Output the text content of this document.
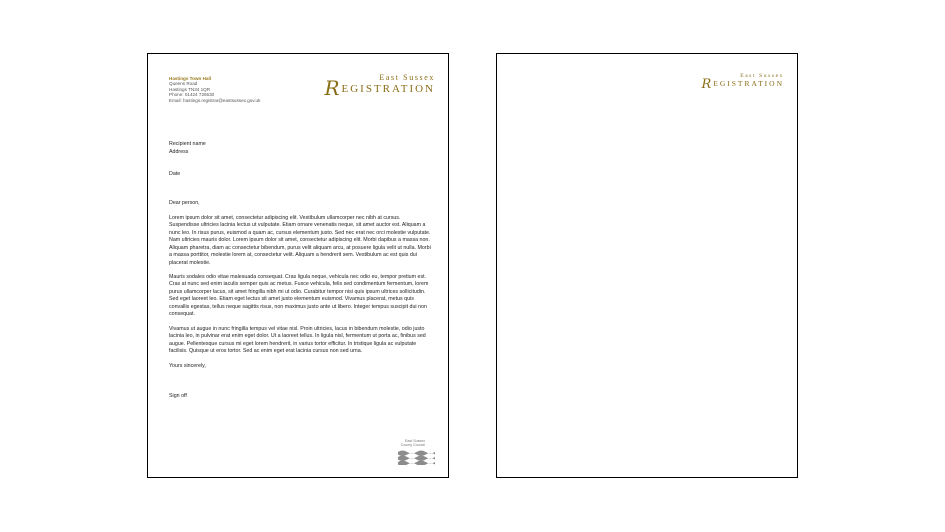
Hastings Town Hall
Queens Road
Hastings TN34 1QR
Phone: 01424 726530
Email: hastings.registrar@eastsussex.gov.uk
East Sussex
REGISTRATION
Recipient name
Address
Date
Dear person,
Lorem ipsum dolor sit amet, consectetur adipiscing elit. Vestibulum ullamcorper nec nibh at cursus. Suspendisse ultricies lacinia lectus ut vulputate. Etiam ornare venenatis neque, sit amet auctor est. Aliquam a nunc leo. In risus purus, euismod a quam ac, cursus elementum justo. Sed nec erat nec orci molestie vulputate. Nam ultricies mauris dolor. Lorem ipsum dolor sit amet, consectetur adipiscing elit. Morbi dapibus a massa non. Aliquam pharetra, diam ac consectetur bibendum, purus velit aliquam arcu, at posuere ligula velit ut nulla. Morbi a massa porttitor, molestie lorem at, consectetur velit. Aliquam a hendrerit sem. Vestibulum ac est quis dui placerat molestie.
Mauris sodales odio vitae malesuada consequat. Cras ligula neque, vehicula nec odio eu, tempor pretium est. Cras at nunc sed enim iaculis semper quis ac metus. Fusce vehicula, felis sed condimentum fermentum, lorem purus ullamcorper lacus, sit amet fringilla nibh mi ut odio. Curabitur tempor nisi quis ipsum ultrices sollicitudin. Sed eget laoreet leo. Etiam eget lectus sit amet justo elementum euismod. Vivamus placerat, metus quis convallis egestas, tellus neque sagittis risus, non maximus justo ante ut libero. Integer tempus suscipit dui non consequat.
Vivamus ut augue in nunc fringilla tempus vel vitae nisl. Proin ultricies, lacus in bibendum molestie, odio justo lacinia leo, in pulvinar erat enim eget dolor. Ut a laoreet tellus. In ligula nisl, fermentum ut porta ac, finibus sed augue. Pellentesque cursus mi eget lorem hendrerit, in varius tortor efficitur. In tristique ligula ac vulputate facilisis. Quisque ut eros tortor. Sed ac enim eget erat lacinia cursus non sed urna.
Yours sincerely,
Sign off
East Sussex
County Council
East Sussex
REGISTRATION
